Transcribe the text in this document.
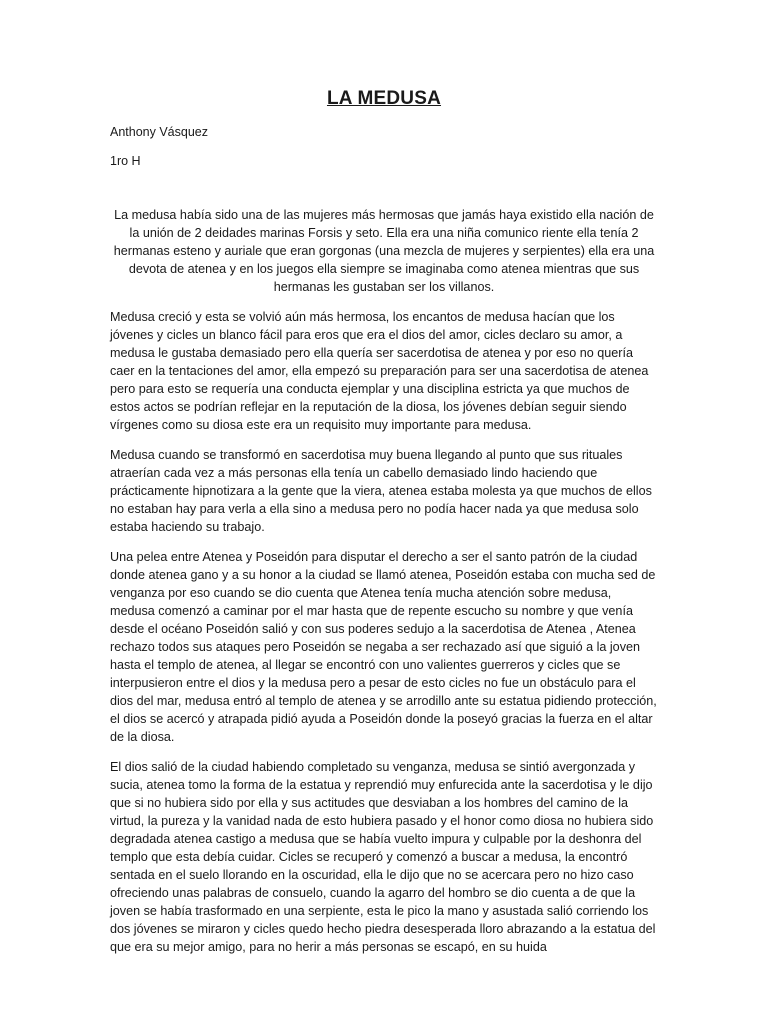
LA MEDUSA
Anthony Vásquez
1ro H

La medusa había sido una de las mujeres más hermosas que jamás haya existido ella nación de la unión de 2 deidades marinas Forsis y seto. Ella era una niña comunico riente ella tenía 2 hermanas esteno y auriale que eran gorgonas (una mezcla de mujeres y serpientes) ella era una devota de atenea y en los juegos ella siempre se imaginaba como atenea mientras que sus hermanas les gustaban ser los villanos.

Medusa creció y esta se volvió aún más hermosa, los encantos de medusa hacían que los jóvenes y cicles un blanco fácil para eros que era el dios del amor, cicles declaro su amor, a medusa le gustaba demasiado pero ella quería ser sacerdotisa de atenea y por eso no quería caer en la tentaciones del amor, ella empezó su preparación para ser una sacerdotisa de atenea pero para esto se requería una conducta ejemplar y una disciplina estricta ya que muchos de estos actos se podrían reflejar en la reputación de la diosa, los jóvenes debían seguir siendo vírgenes como su diosa este era un requisito muy importante para medusa.

Medusa cuando se transformó en sacerdotisa muy buena llegando al punto que sus rituales atraerían cada vez a más personas ella tenía un cabello demasiado lindo haciendo que prácticamente hipnotizara a la gente que la viera, atenea estaba molesta ya que muchos de ellos no estaban hay para verla a ella sino a medusa pero no podía hacer nada ya que medusa solo estaba haciendo su trabajo.

Una pelea entre Atenea y Poseidón para disputar el derecho a ser el santo patrón de la ciudad donde atenea gano y a su honor a la ciudad se llamó atenea, Poseidón estaba con mucha sed de venganza por eso cuando se dio cuenta que Atenea tenía mucha atención sobre medusa, medusa comenzó a caminar por el mar hasta que de repente escucho su nombre y que venía desde el océano Poseidón salió y con sus poderes sedujo a la sacerdotisa de Atenea , Atenea rechazo todos sus ataques pero Poseidón se negaba a ser rechazado así que siguió a la joven hasta el templo de atenea, al llegar se encontró con uno valientes guerreros y cicles que se interpusieron entre el dios y la medusa pero a pesar de esto cicles no fue un obstáculo para el dios del mar, medusa entró al templo de atenea y se arrodillo ante su estatua pidiendo protección, el dios se acercó y atrapada pidió ayuda a Poseidón donde la poseyó gracias la fuerza en el altar de la diosa.

El dios salió de la ciudad habiendo completado su venganza, medusa se sintió avergonzada y sucia, atenea tomo la forma de la estatua y reprendió muy enfurecida ante la sacerdotisa y le dijo que si no hubiera sido por ella y sus actitudes que desviaban a los hombres del camino de la virtud, la pureza y la vanidad nada de esto hubiera pasado y el honor como diosa no hubiera sido degradada atenea castigo a medusa que se había vuelto impura y culpable por la deshonra del templo que esta debía cuidar. Cicles se recuperó y comenzó a buscar a medusa, la encontró sentada en el suelo llorando en la oscuridad, ella le dijo que no se acercara pero no hizo caso ofreciendo unas palabras de consuelo, cuando la agarro del hombro se dio cuenta a de que la joven se había trasformado en una serpiente, esta le pico la mano y asustada salió corriendo los dos jóvenes se miraron y cicles quedo hecho piedra desesperada lloro abrazando a la estatua del que era su mejor amigo, para no herir a más personas se escapó, en su huida
